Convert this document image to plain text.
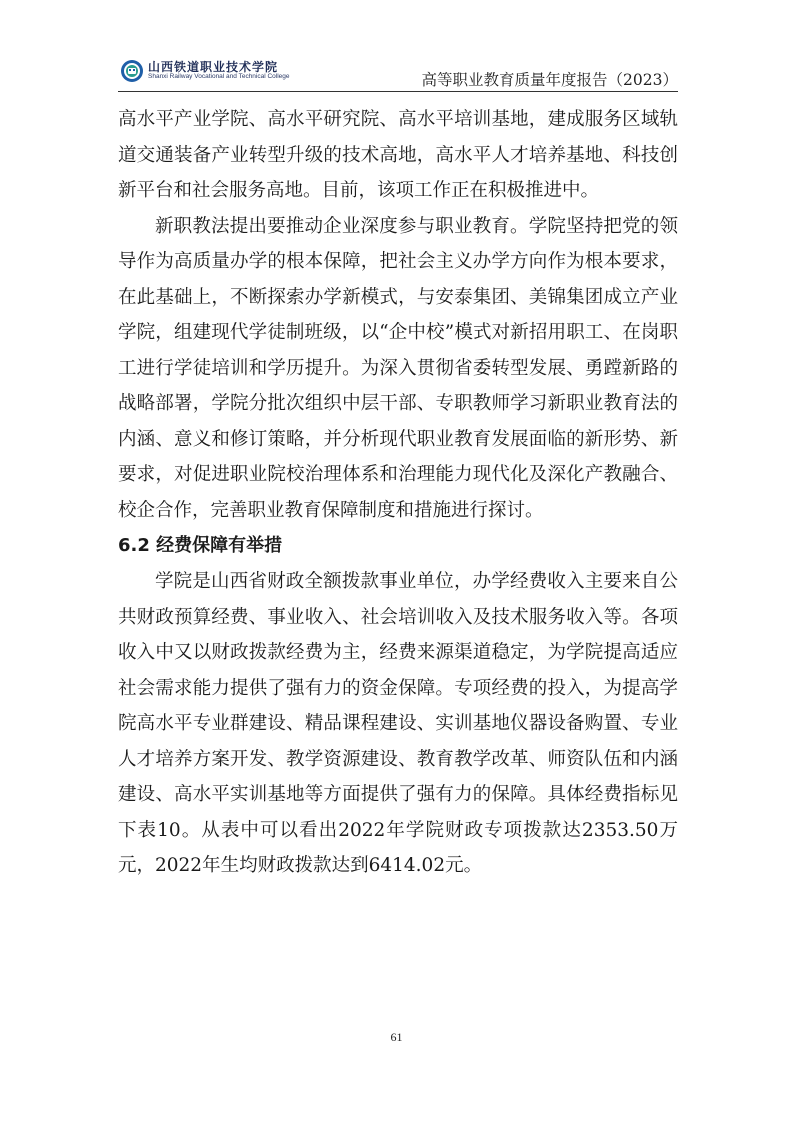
山西铁道职业技术学院
Shanxi Railway Vocational and Technical College	高等职业教育质量年度报告（2023）

高水平产业学院、高水平研究院、高水平培训基地，建成服务区域轨道交通装备产业转型升级的技术高地，高水平人才培养基地、科技创新平台和社会服务高地。目前，该项工作正在积极推进中。

新职教法提出要推动企业深度参与职业教育。学院坚持把党的领导作为高质量办学的根本保障，把社会主义办学方向作为根本要求，在此基础上，不断探索办学新模式，与安泰集团、美锦集团成立产业学院，组建现代学徒制班级，以“企中校”模式对新招用职工、在岗职工进行学徒培训和学历提升。为深入贯彻省委转型发展、勇蹚新路的战略部署，学院分批次组织中层干部、专职教师学习新职业教育法的内涵、意义和修订策略，并分析现代职业教育发展面临的新形势、新要求，对促进职业院校治理体系和治理能力现代化及深化产教融合、校企合作，完善职业教育保障制度和措施进行探讨。

6.2 经费保障有举措

学院是山西省财政全额拨款事业单位，办学经费收入主要来自公共财政预算经费、事业收入、社会培训收入及技术服务收入等。各项收入中又以财政拨款经费为主，经费来源渠道稳定，为学院提高适应社会需求能力提供了强有力的资金保障。专项经费的投入，为提高学院高水平专业群建设、精品课程建设、实训基地仪器设备购置、专业人才培养方案开发、教学资源建设、教育教学改革、师资队伍和内涵建设、高水平实训基地等方面提供了强有力的保障。具体经费指标见下表10。从表中可以看出2022年学院财政专项拨款达2353.50万元，2022年生均财政拨款达到6414.02元。

61
